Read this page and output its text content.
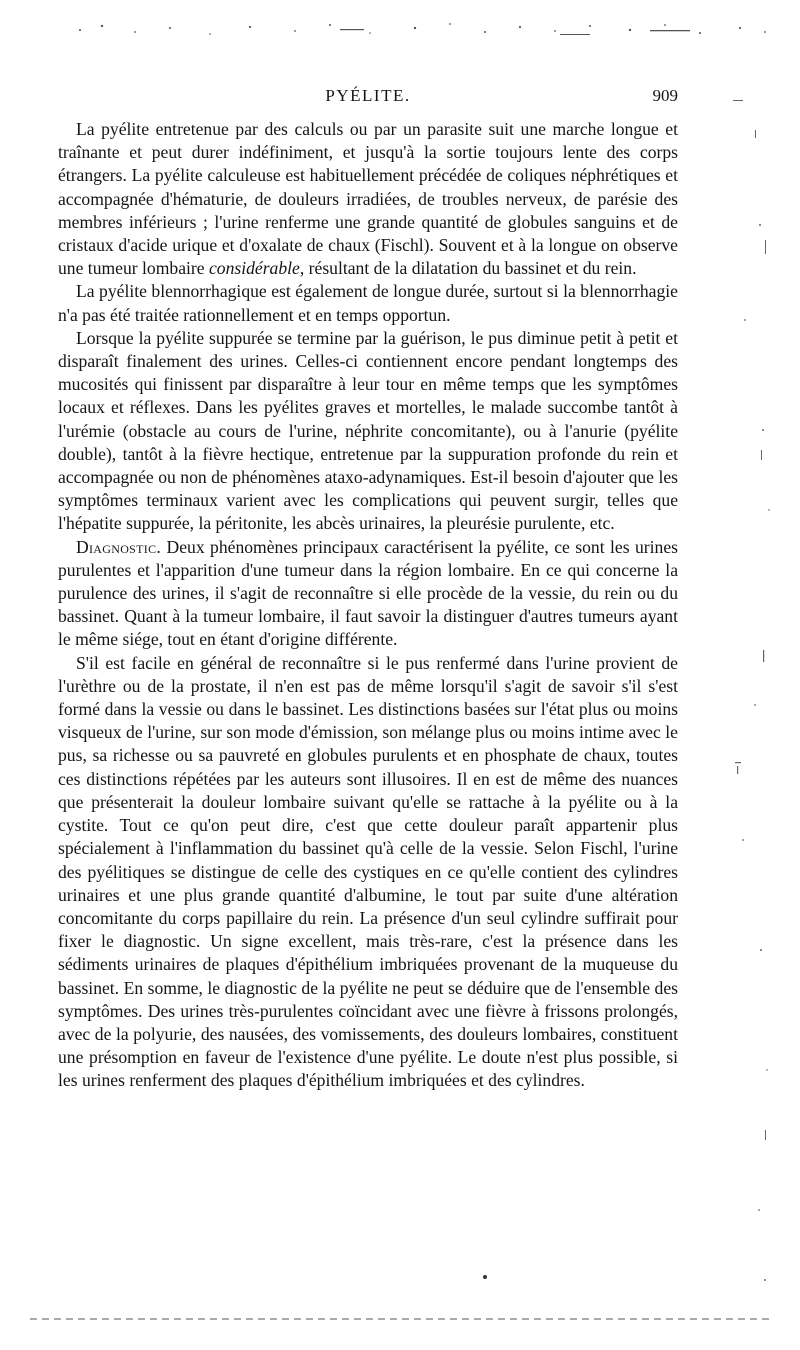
PYÉLITE.	909

La pyélite entretenue par des calculs ou par un parasite suit une marche longue et traînante et peut durer indéfiniment, et jusqu'à la sortie toujours lente des corps étrangers. La pyélite calculeuse est habituellement précédée de coliques néphrétiques et accompagnée d'hématurie, de douleurs irradiées, de troubles nerveux, de parésie des membres inférieurs ; l'urine renferme une grande quantité de globules sanguins et de cristaux d'acide urique et d'oxalate de chaux (Fischl). Souvent et à la longue on observe une tumeur lombaire considérable, résultant de la dilatation du bassinet et du rein.

La pyélite blennorrhagique est également de longue durée, surtout si la blennorrhagie n'a pas été traitée rationnellement et en temps opportun.

Lorsque la pyélite suppurée se termine par la guérison, le pus diminue petit à petit et disparaît finalement des urines. Celles-ci contiennent encore pendant longtemps des mucosités qui finissent par disparaître à leur tour en même temps que les symptômes locaux et réflexes. Dans les pyélites graves et mortelles, le malade succombe tantôt à l'urémie (obstacle au cours de l'urine, néphrite concomitante), ou à l'anurie (pyélite double), tantôt à la fièvre hectique, entretenue par la suppuration profonde du rein et accompagnée ou non de phénomènes ataxo-adynamiques. Est-il besoin d'ajouter que les symptômes terminaux varient avec les complications qui peuvent surgir, telles que l'hépatite suppurée, la péritonite, les abcès urinaires, la pleurésie purulente, etc.

Diagnostic. Deux phénomènes principaux caractérisent la pyélite, ce sont les urines purulentes et l'apparition d'une tumeur dans la région lombaire. En ce qui concerne la purulence des urines, il s'agit de reconnaître si elle procède de la vessie, du rein ou du bassinet. Quant à la tumeur lombaire, il faut savoir la distinguer d'autres tumeurs ayant le même siége, tout en étant d'origine différente.

S'il est facile en général de reconnaître si le pus renfermé dans l'urine provient de l'urèthre ou de la prostate, il n'en est pas de même lorsqu'il s'agit de savoir s'il s'est formé dans la vessie ou dans le bassinet. Les distinctions basées sur l'état plus ou moins visqueux de l'urine, sur son mode d'émission, son mélange plus ou moins intime avec le pus, sa richesse ou sa pauvreté en globules purulents et en phosphate de chaux, toutes ces distinctions répétées par les auteurs sont illusoires. Il en est de même des nuances que présenterait la douleur lombaire suivant qu'elle se rattache à la pyélite ou à la cystite. Tout ce qu'on peut dire, c'est que cette douleur paraît appartenir plus spécialement à l'inflammation du bassinet qu'à celle de la vessie. Selon Fischl, l'urine des pyélitiques se distingue de celle des cystiques en ce qu'elle contient des cylindres urinaires et une plus grande quantité d'albumine, le tout par suite d'une altération concomitante du corps papillaire du rein. La présence d'un seul cylindre suffirait pour fixer le diagnostic. Un signe excellent, mais très-rare, c'est la présence dans les sédiments urinaires de plaques d'épithélium imbriquées provenant de la muqueuse du bassinet. En somme, le diagnostic de la pyélite ne peut se déduire que de l'ensemble des symptômes. Des urines très-purulentes coïncidant avec une fièvre à frissons prolongés, avec de la polyurie, des nausées, des vomissements, des douleurs lombaires, constituent une présomption en faveur de l'existence d'une pyélite. Le doute n'est plus possible, si les urines renferment des plaques d'épithélium imbriquées et des cylindres.
